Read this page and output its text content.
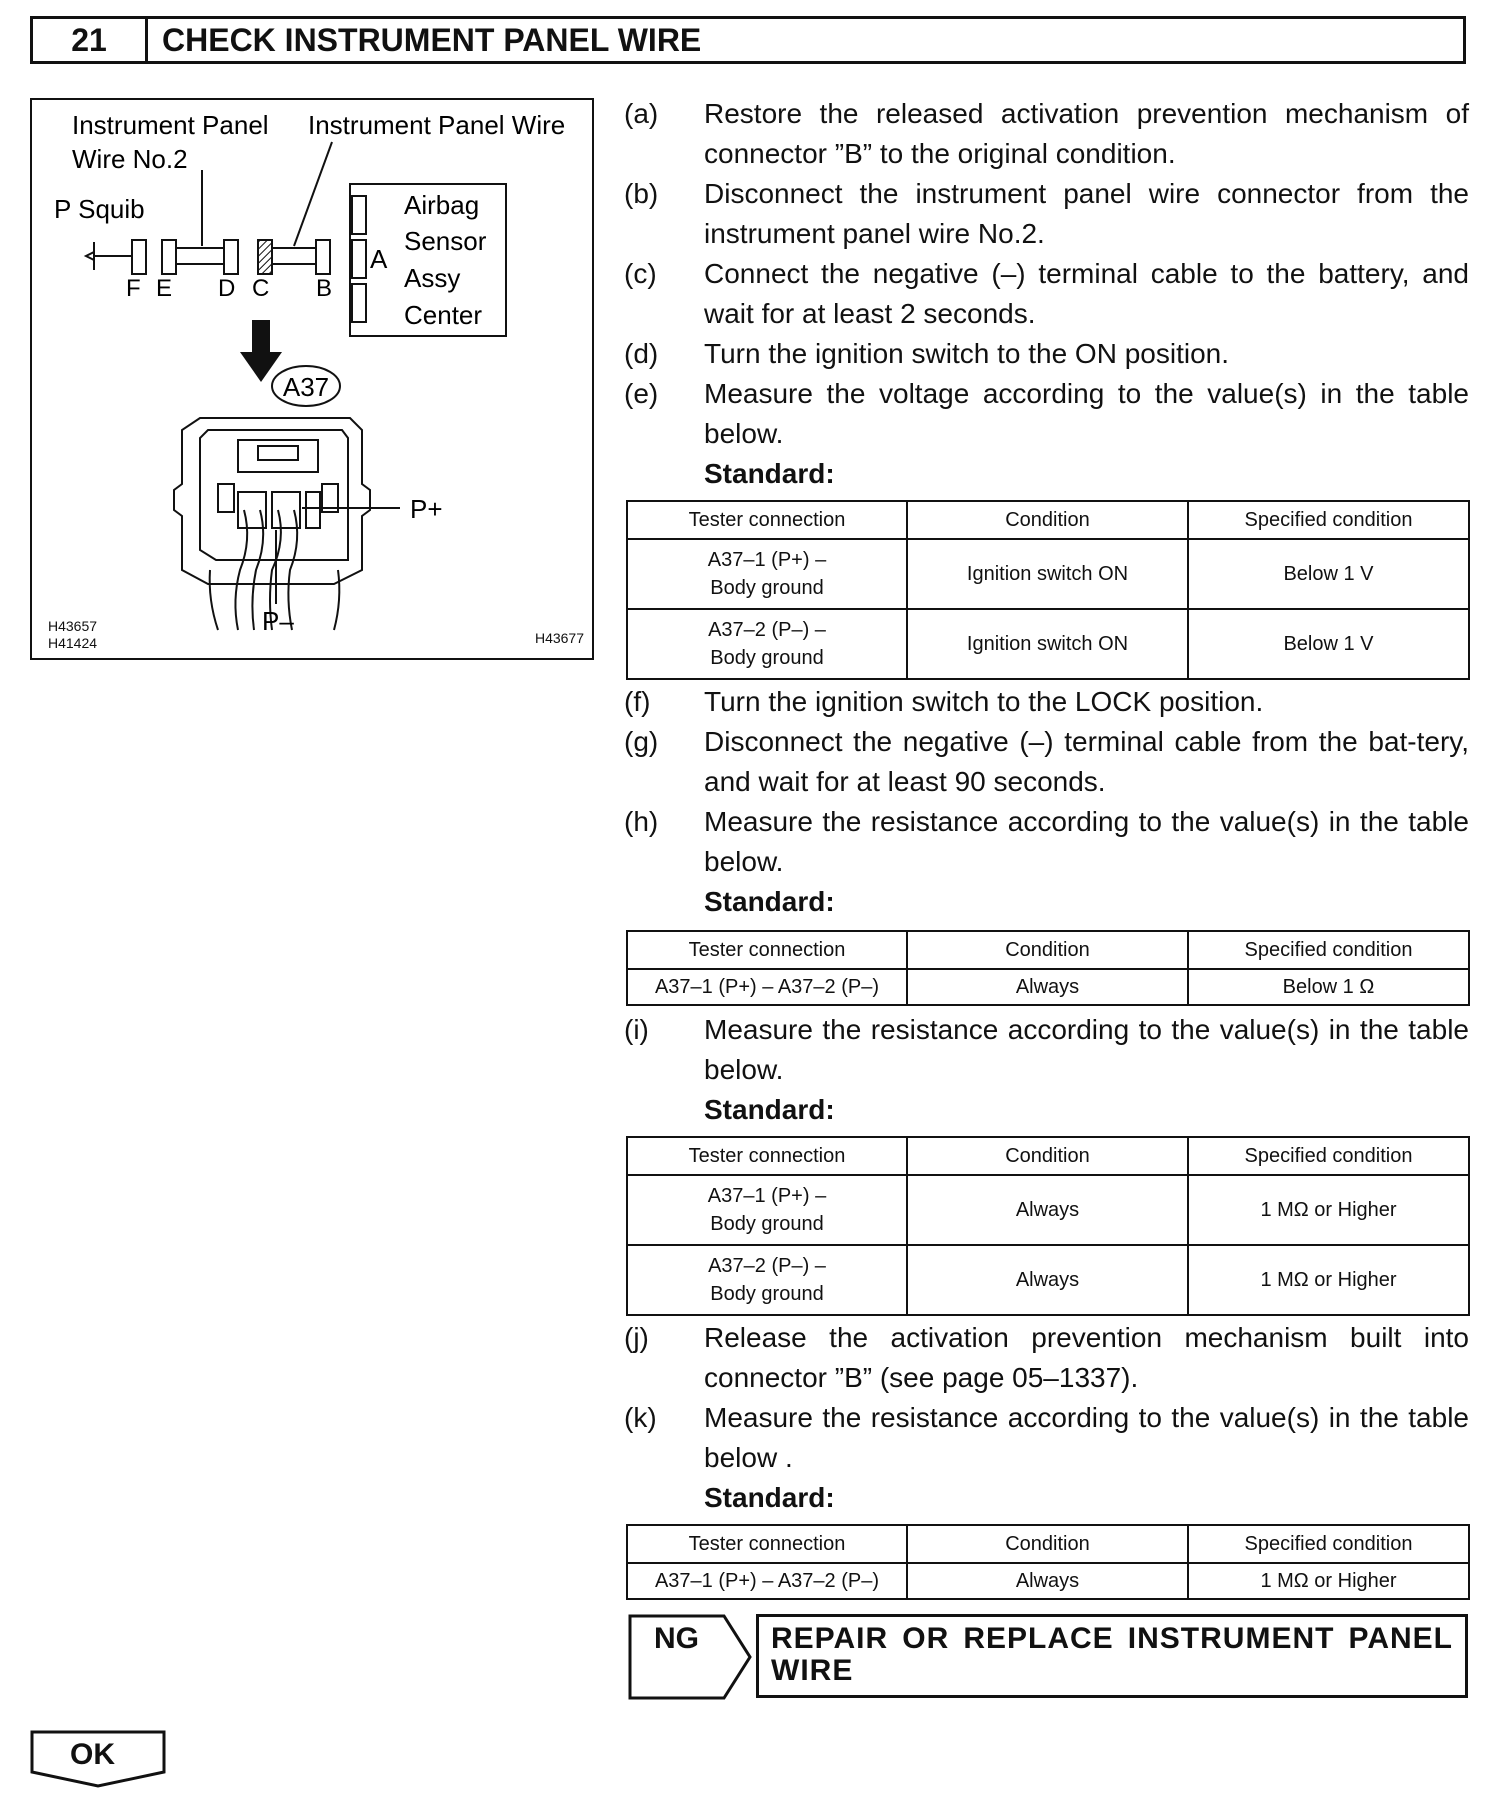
21	CHECK INSTRUMENT PANEL WIRE
Instrument Panel
Wire No.2
Instrument Panel Wire
P Squib
F E D C B
A
Airbag
Sensor
Assy
Center
A37
P+
P–
H43657
H41424	H43677
(a) Restore the released activation prevention mechanism of connector ”B” to the original condition.
(b) Disconnect the instrument panel wire connector from the instrument panel wire No.2.
(c) Connect the negative (–) terminal cable to the battery, and wait for at least 2 seconds.
(d) Turn the ignition switch to the ON position.
(e) Measure the voltage according to the value(s) in the table below.
Standard:
Tester connection	Condition	Specified condition

A37–1 (P+) –
Body ground	Ignition switch ON	Below 1 V

A37–2 (P–) –
Body ground	Ignition switch ON	Below 1 V
(f) Turn the ignition switch to the LOCK position.
(g) Disconnect the negative (–) terminal cable from the bat-tery, and wait for at least 90 seconds.
(h) Measure the resistance according to the value(s) in the table below.
Standard:
Tester connection	Condition	Specified condition
A37–1 (P+) – A37–2 (P–)	Always	Below 1 Ω
(i) Measure the resistance according to the value(s) in the table below.
Standard:
Tester connection	Condition	Specified condition

A37–1 (P+) –
Body ground	Always	1 MΩ or Higher

A37–2 (P–) –
Body ground	Always	1 MΩ or Higher
(j) Release the activation prevention mechanism built into connector ”B” (see page 05–1337).
(k) Measure the resistance according to the value(s) in the table below .
Standard:
Tester connection	Condition	Specified condition
A37–1 (P+) – A37–2 (P–)	Always	1 MΩ or Higher
NG	REPAIR OR REPLACE INSTRUMENT PANEL WIRE
OK
